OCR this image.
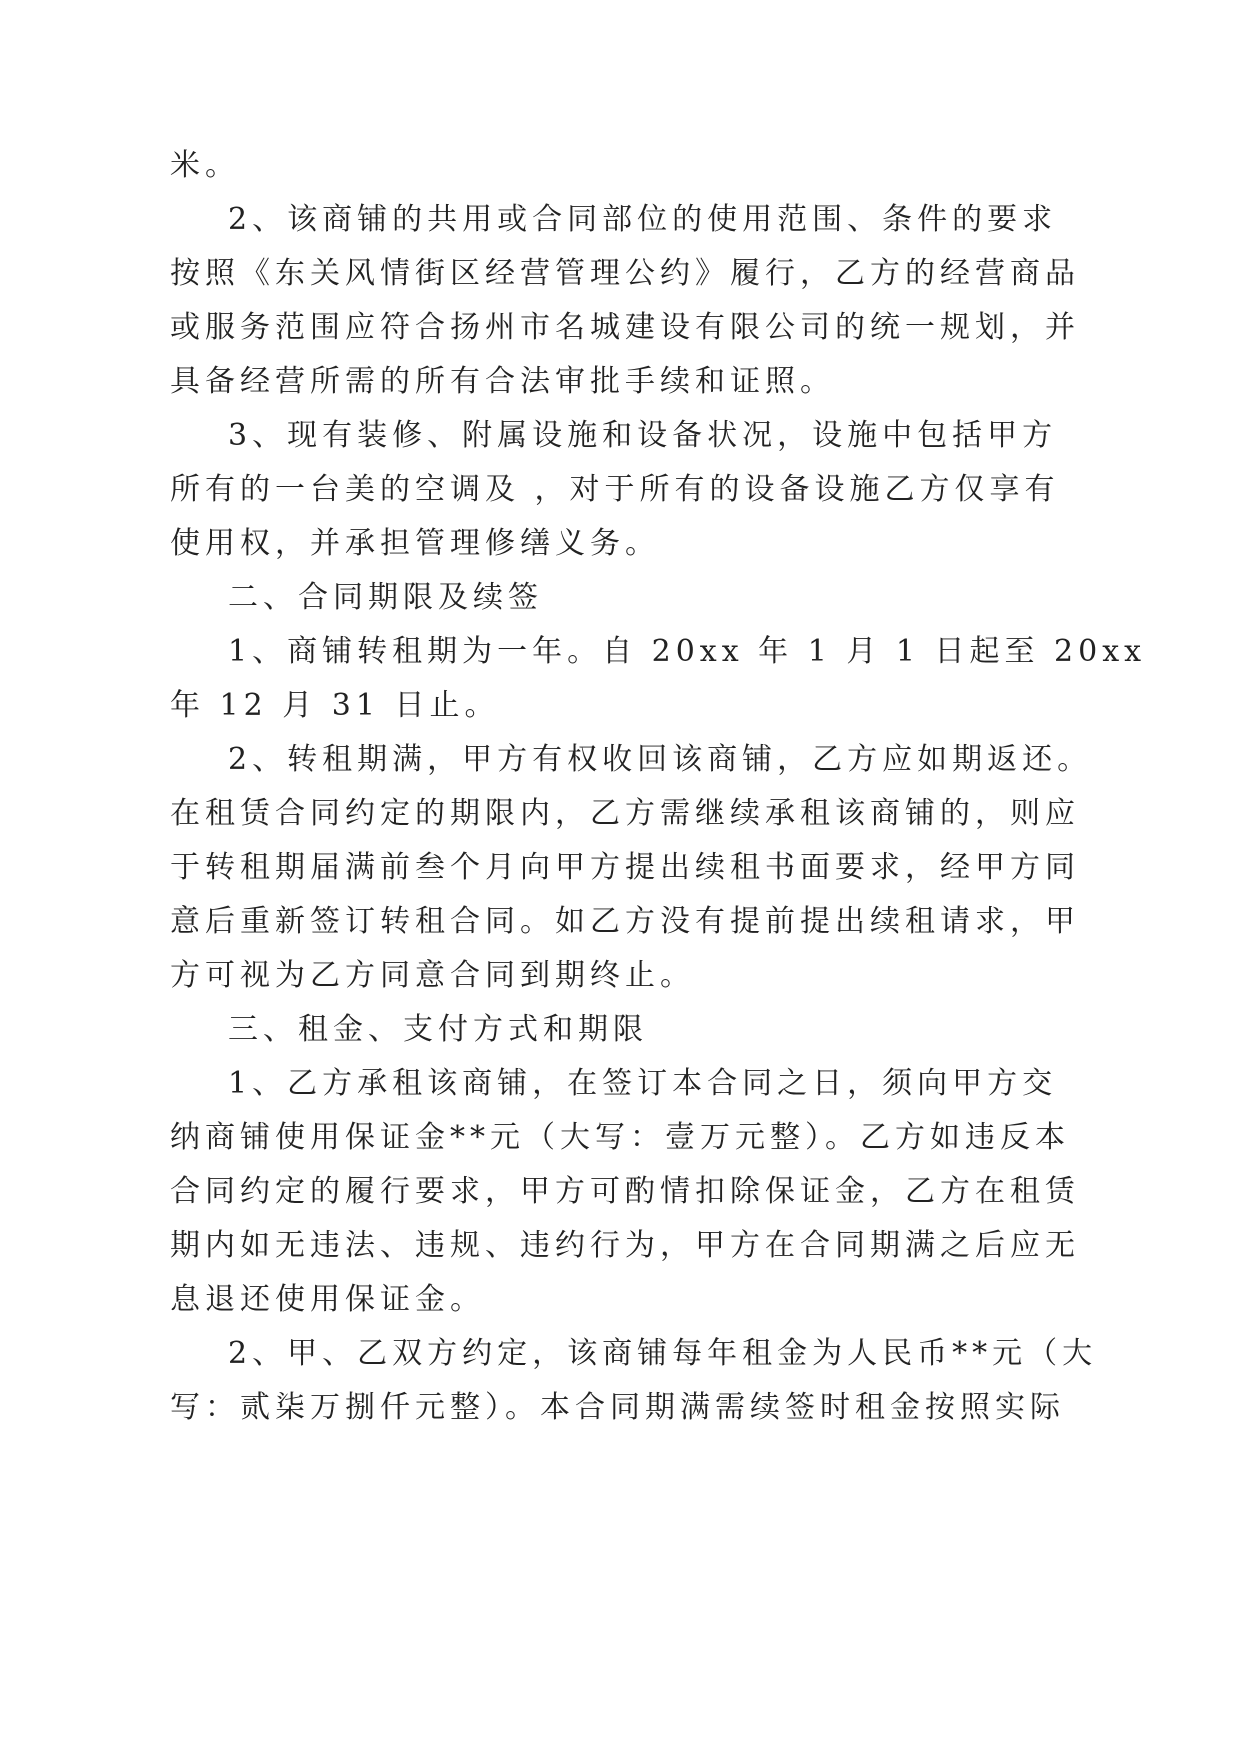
米。
2、该商铺的共用或合同部位的使用范围、条件的要求
按照《东关风情街区经营管理公约》履行，乙方的经营商品
或服务范围应符合扬州市名城建设有限公司的统一规划，并
具备经营所需的所有合法审批手续和证照。
3、现有装修、附属设施和设备状况，设施中包括甲方
所有的一台美的空调及 ，对于所有的设备设施乙方仅享有
使用权，并承担管理修缮义务。
二、合同期限及续签
1、商铺转租期为一年。自 20xx 年 1 月 1 日起至 20xx
年 12 月 31 日止。
2、转租期满，甲方有权收回该商铺，乙方应如期返还。
在租赁合同约定的期限内，乙方需继续承租该商铺的，则应
于转租期届满前叁个月向甲方提出续租书面要求，经甲方同
意后重新签订转租合同。如乙方没有提前提出续租请求，甲
方可视为乙方同意合同到期终止。
三、租金、支付方式和期限
1、乙方承租该商铺，在签订本合同之日，须向甲方交
纳商铺使用保证金**元（大写：壹万元整）。乙方如违反本
合同约定的履行要求，甲方可酌情扣除保证金，乙方在租赁
期内如无违法、违规、违约行为，甲方在合同期满之后应无
息退还使用保证金。
2、甲、乙双方约定，该商铺每年租金为人民币**元（大
写：贰柒万捌仟元整）。本合同期满需续签时租金按照实际
